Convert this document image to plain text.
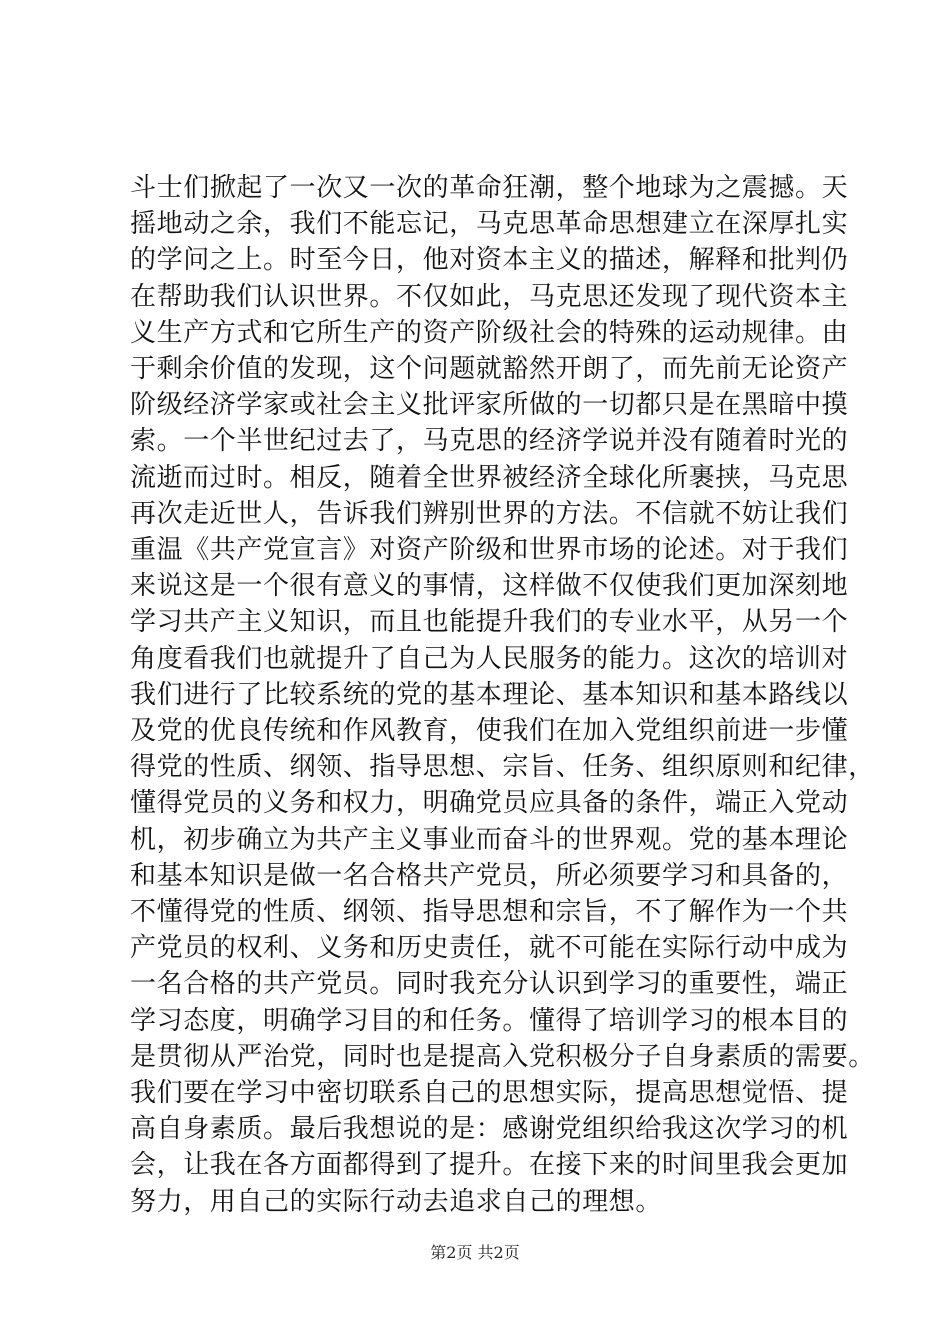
斗士们掀起了一次又一次的革命狂潮，整个地球为之震撼。天
摇地动之余，我们不能忘记，马克思革命思想建立在深厚扎实
的学问之上。时至今日，他对资本主义的描述，解释和批判仍
在帮助我们认识世界。不仅如此，马克思还发现了现代资本主
义生产方式和它所生产的资产阶级社会的特殊的运动规律。由
于剩余价值的发现，这个问题就豁然开朗了，而先前无论资产
阶级经济学家或社会主义批评家所做的一切都只是在黑暗中摸
索。一个半世纪过去了，马克思的经济学说并没有随着时光的
流逝而过时。相反，随着全世界被经济全球化所裹挟，马克思
再次走近世人，告诉我们辨别世界的方法。不信就不妨让我们
重温《共产党宣言》对资产阶级和世界市场的论述。对于我们
来说这是一个很有意义的事情，这样做不仅使我们更加深刻地
学习共产主义知识，而且也能提升我们的专业水平，从另一个
角度看我们也就提升了自己为人民服务的能力。这次的培训对
我们进行了比较系统的党的基本理论、基本知识和基本路线以
及党的优良传统和作风教育，使我们在加入党组织前进一步懂
得党的性质、纲领、指导思想、宗旨、任务、组织原则和纪律，
懂得党员的义务和权力，明确党员应具备的条件，端正入党动
机，初步确立为共产主义事业而奋斗的世界观。党的基本理论
和基本知识是做一名合格共产党员，所必须要学习和具备的，
不懂得党的性质、纲领、指导思想和宗旨，不了解作为一个共
产党员的权利、义务和历史责任，就不可能在实际行动中成为
一名合格的共产党员。同时我充分认识到学习的重要性，端正
学习态度，明确学习目的和任务。懂得了培训学习的根本目的
是贯彻从严治党，同时也是提高入党积极分子自身素质的需要。
我们要在学习中密切联系自己的思想实际，提高思想觉悟、提
高自身素质。最后我想说的是：感谢党组织给我这次学习的机
会，让我在各方面都得到了提升。在接下来的时间里我会更加
努力，用自己的实际行动去追求自己的理想。
第2页 共2页
